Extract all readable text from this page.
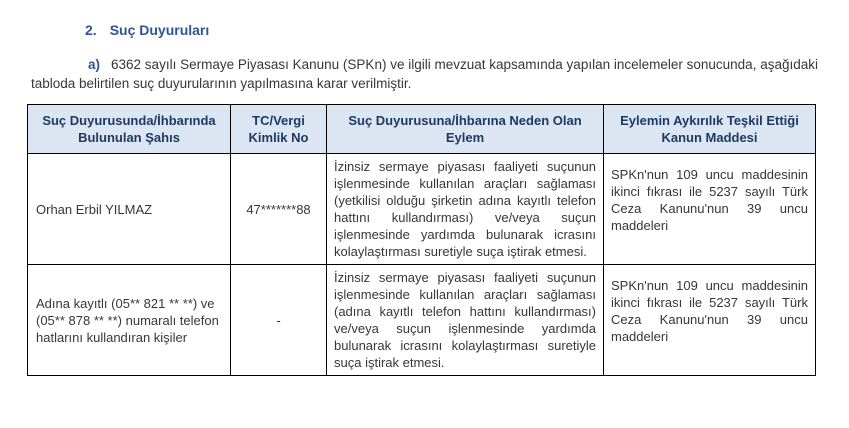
2. Suç Duyuruları

a) 6362 sayılı Sermaye Piyasası Kanunu (SPKn) ve ilgili mevzuat kapsamında yapılan incelemeler sonucunda, aşağıdaki tabloda belirtilen suç duyurularının yapılmasına karar verilmiştir.

Suç Duyurusunda/İhbarında Bulunulan Şahıs	TC/Vergi Kimlik No	Suç Duyurusuna/İhbarına Neden Olan Eylem	Eylemin Aykırılık Teşkil Ettiği Kanun Maddesi
Orhan Erbil YILMAZ	47*******88	İzinsiz sermaye piyasası faaliyeti suçunun işlenmesinde kullanılan araçları sağlaması (yetkilisi olduğu şirketin adına kayıtlı telefon hattını kullandırması) ve/veya suçun işlenmesinde yardımda bulunarak icrasını kolaylaştırması suretiyle suça iştirak etmesi.	SPKn'nun 109 uncu maddesinin ikinci fıkrası ile 5237 sayılı Türk Ceza Kanunu'nun 39 uncu maddeleri

Adına kayıtlı (05** 821 ** **) ve (05** 878 ** **) numaralı telefon hatlarını kullandıran kişiler	-	İzinsiz sermaye piyasası faaliyeti suçunun işlenmesinde kullanılan araçları sağlaması (adına kayıtlı telefon hattını kullandırması) ve/veya suçun işlenmesinde yardımda bulunarak icrasını kolaylaştırması suretiyle suça iştirak etmesi.	SPKn'nun 109 uncu maddesinin ikinci fıkrası ile 5237 sayılı Türk Ceza Kanunu'nun 39 uncu maddeleri
